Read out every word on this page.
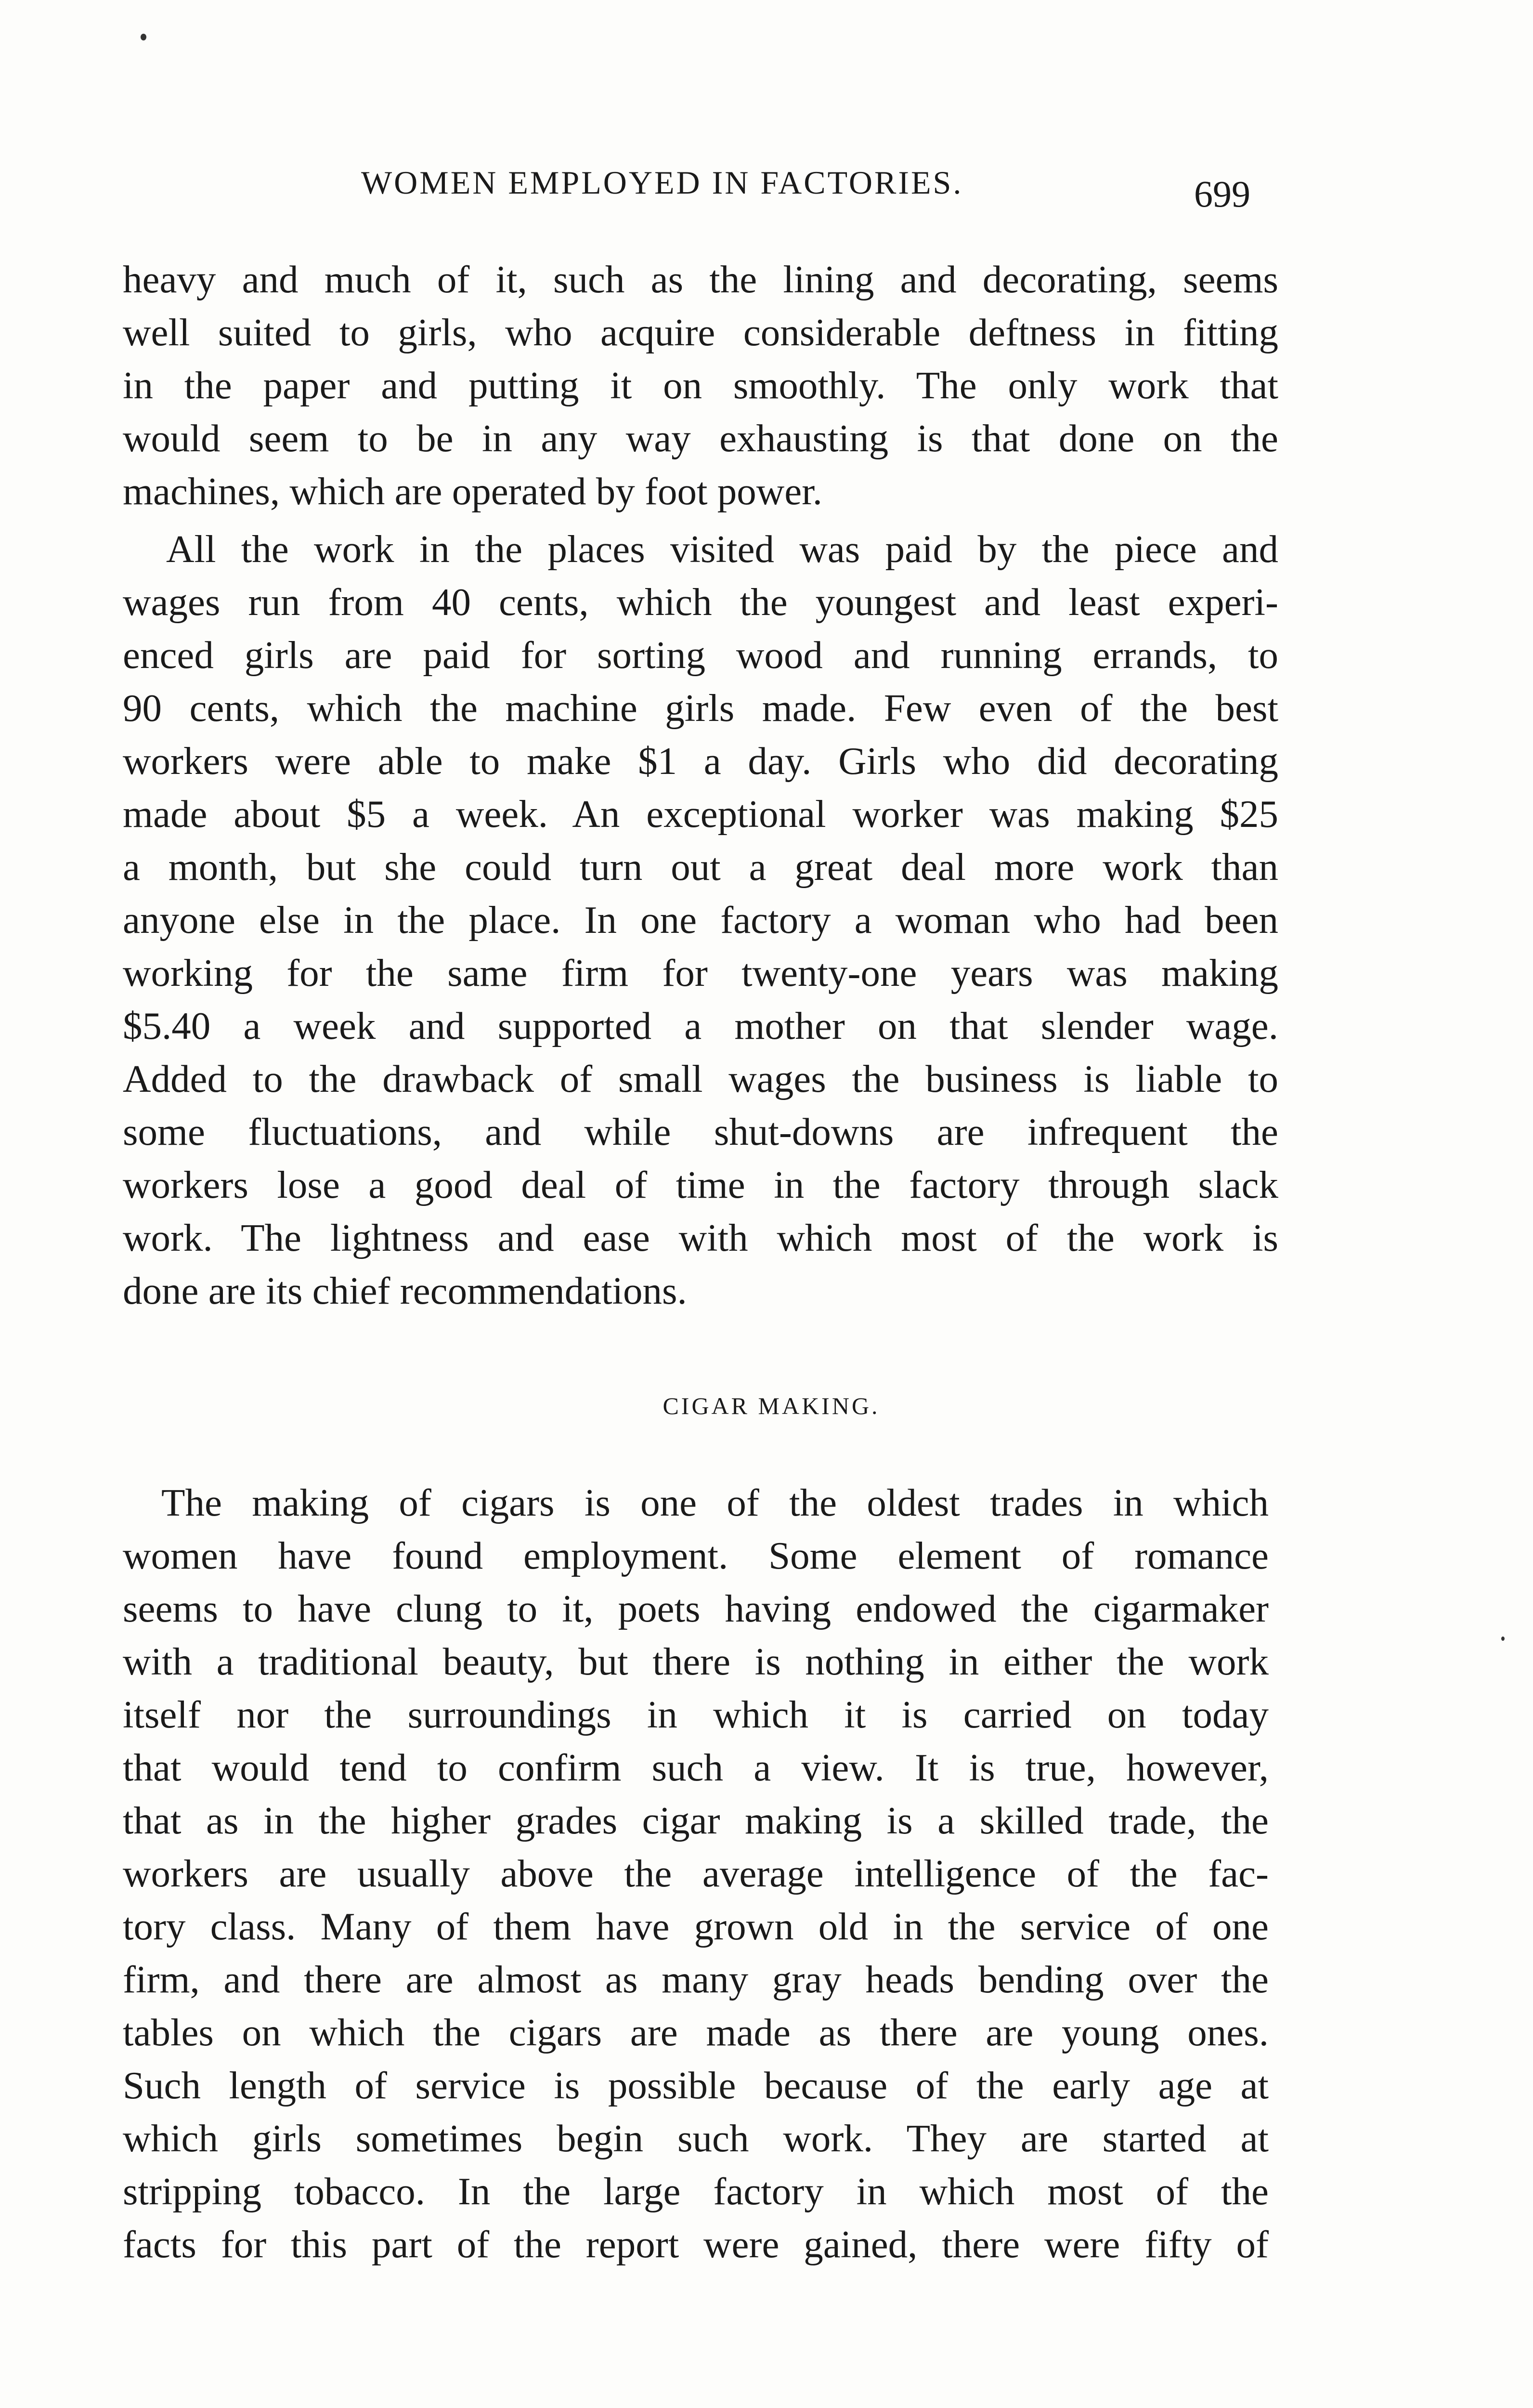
WOMEN EMPLOYED IN FACTORIES.	699
heavy and much of it, such as the lining and decorating, seems
well suited to girls, who acquire considerable deftness in fitting
in the paper and putting it on smoothly. The only work that
would seem to be in any way exhausting is that done on the
machines, which are operated by foot power.
All the work in the places visited was paid by the piece and
wages run from 40 cents, which the youngest and least experi-
enced girls are paid for sorting wood and running errands, to
90 cents, which the machine girls made. Few even of the best
workers were able to make $1 a day. Girls who did decorating
made about $5 a week. An exceptional worker was making $25
a month, but she could turn out a great deal more work than
anyone else in the place. In one factory a woman who had been
working for the same firm for twenty-one years was making
$5.40 a week and supported a mother on that slender wage.
Added to the drawback of small wages the business is liable to
some fluctuations, and while shut-downs are infrequent the
workers lose a good deal of time in the factory through slack
work. The lightness and ease with which most of the work is
done are its chief recommendations.
CIGAR MAKING.
The making of cigars is one of the oldest trades in which
women have found employment. Some element of romance
seems to have clung to it, poets having endowed the cigarmaker
with a traditional beauty, but there is nothing in either the work
itself nor the surroundings in which it is carried on today
that would tend to confirm such a view. It is true, however,
that as in the higher grades cigar making is a skilled trade, the
workers are usually above the average intelligence of the fac-
tory class. Many of them have grown old in the service of one
firm, and there are almost as many gray heads bending over the
tables on which the cigars are made as there are young ones.
Such length of service is possible because of the early age at
which girls sometimes begin such work. They are started at
stripping tobacco. In the large factory in which most of the
facts for this part of the report were gained, there were fifty of
